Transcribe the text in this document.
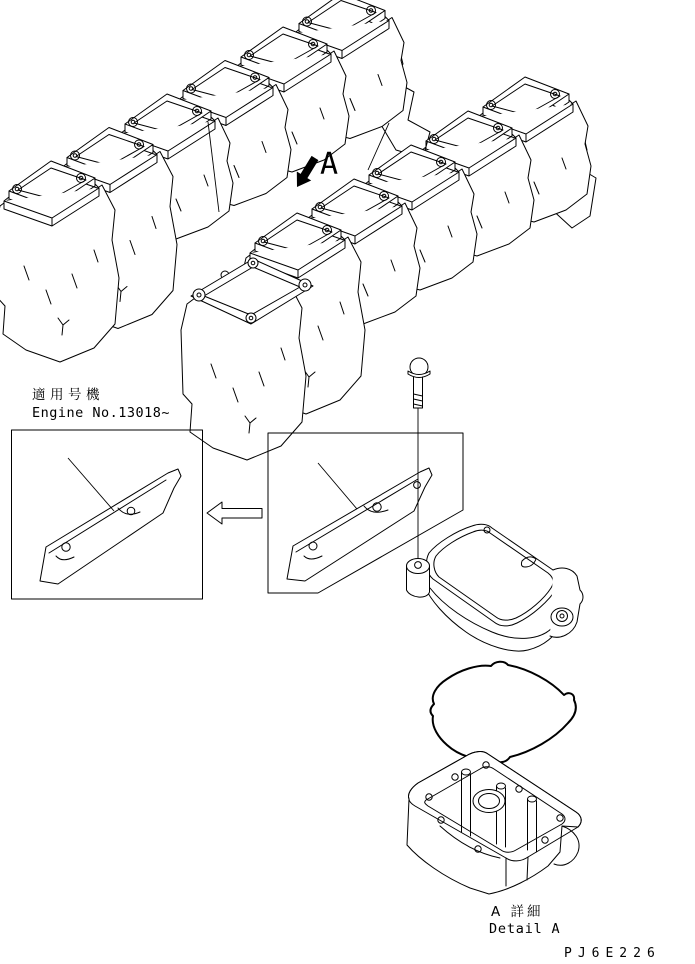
A
適用号機
Engine No.13018~
A 詳細
Detail A
PJ6E226
